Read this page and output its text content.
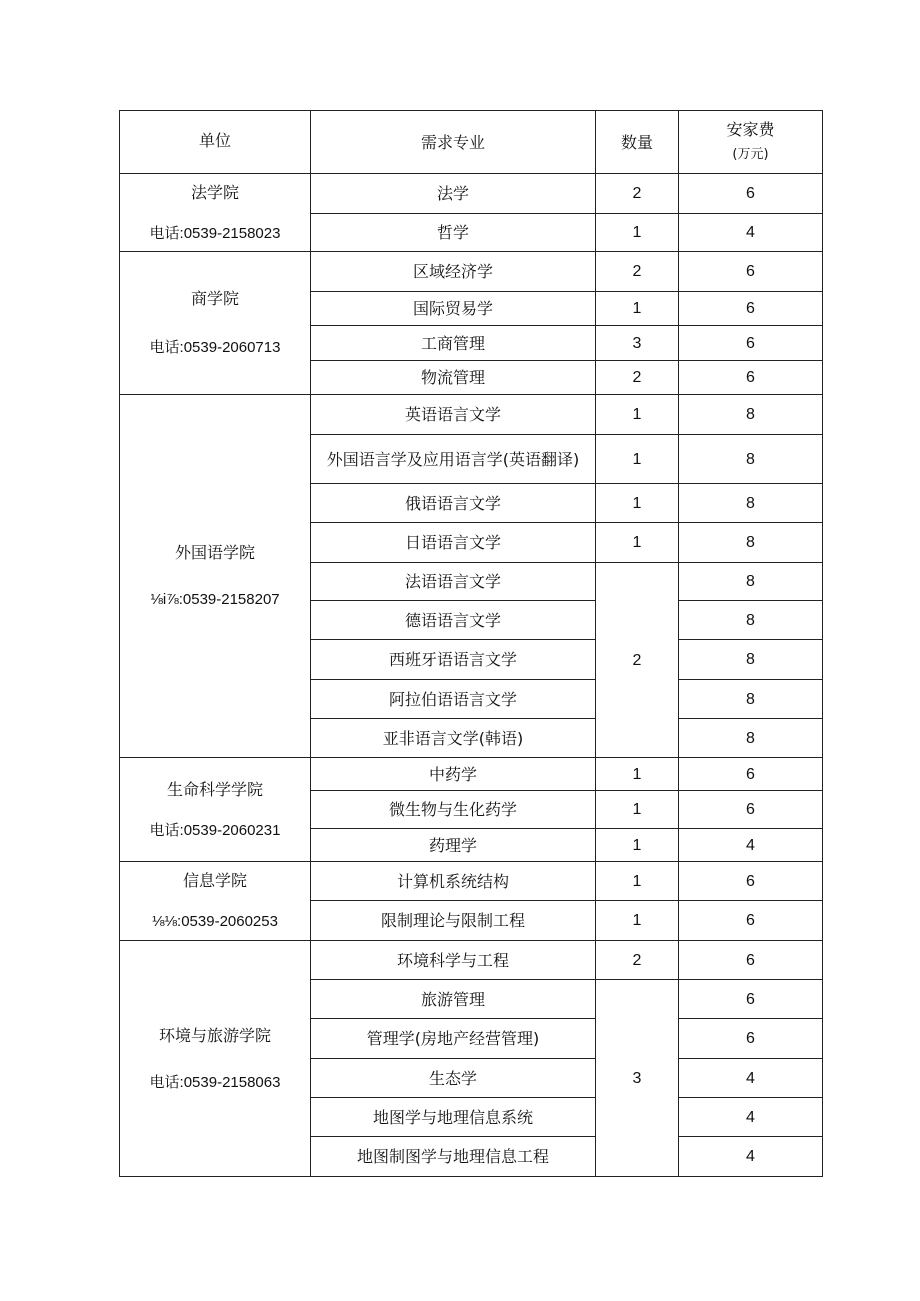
单位	需求专业	数量	安家费
(万元)

法学院
电话:0539-2158023	法学	2	6
	哲学	1	4

商学院
电话:0539-2060713	区域经济学	2	6
	国际贸易学	1	6
	工商管理	3	6
	物流管理	2	6

外国语学院
⅛i⅞:0539-2158207	英语语言文学	1	8
	外国语言学及应用语言学(英语翻译)	1	8
	俄语语言文学	1	8
	日语语言文学	1	8
	法语语言文学	2	8
	德语语言文学		8
	西班牙语语言文学		8
	阿拉伯语语言文学		8
	亚非语言文学(韩语)		8

生命科学学院
电话:0539-2060231	中药学	1	6
	微生物与生化药学	1	6
	药理学	1	4

信息学院
⅛⅛:0539-2060253	计算机系统结构	1	6
	限制理论与限制工程	1	6

环境与旅游学院
电话:0539-2158063	环境科学与工程	2	6
	旅游管理	3	6
	管理学(房地产经营管理)		6
	生态学		4
	地图学与地理信息系统		4
	地图制图学与地理信息工程		4
